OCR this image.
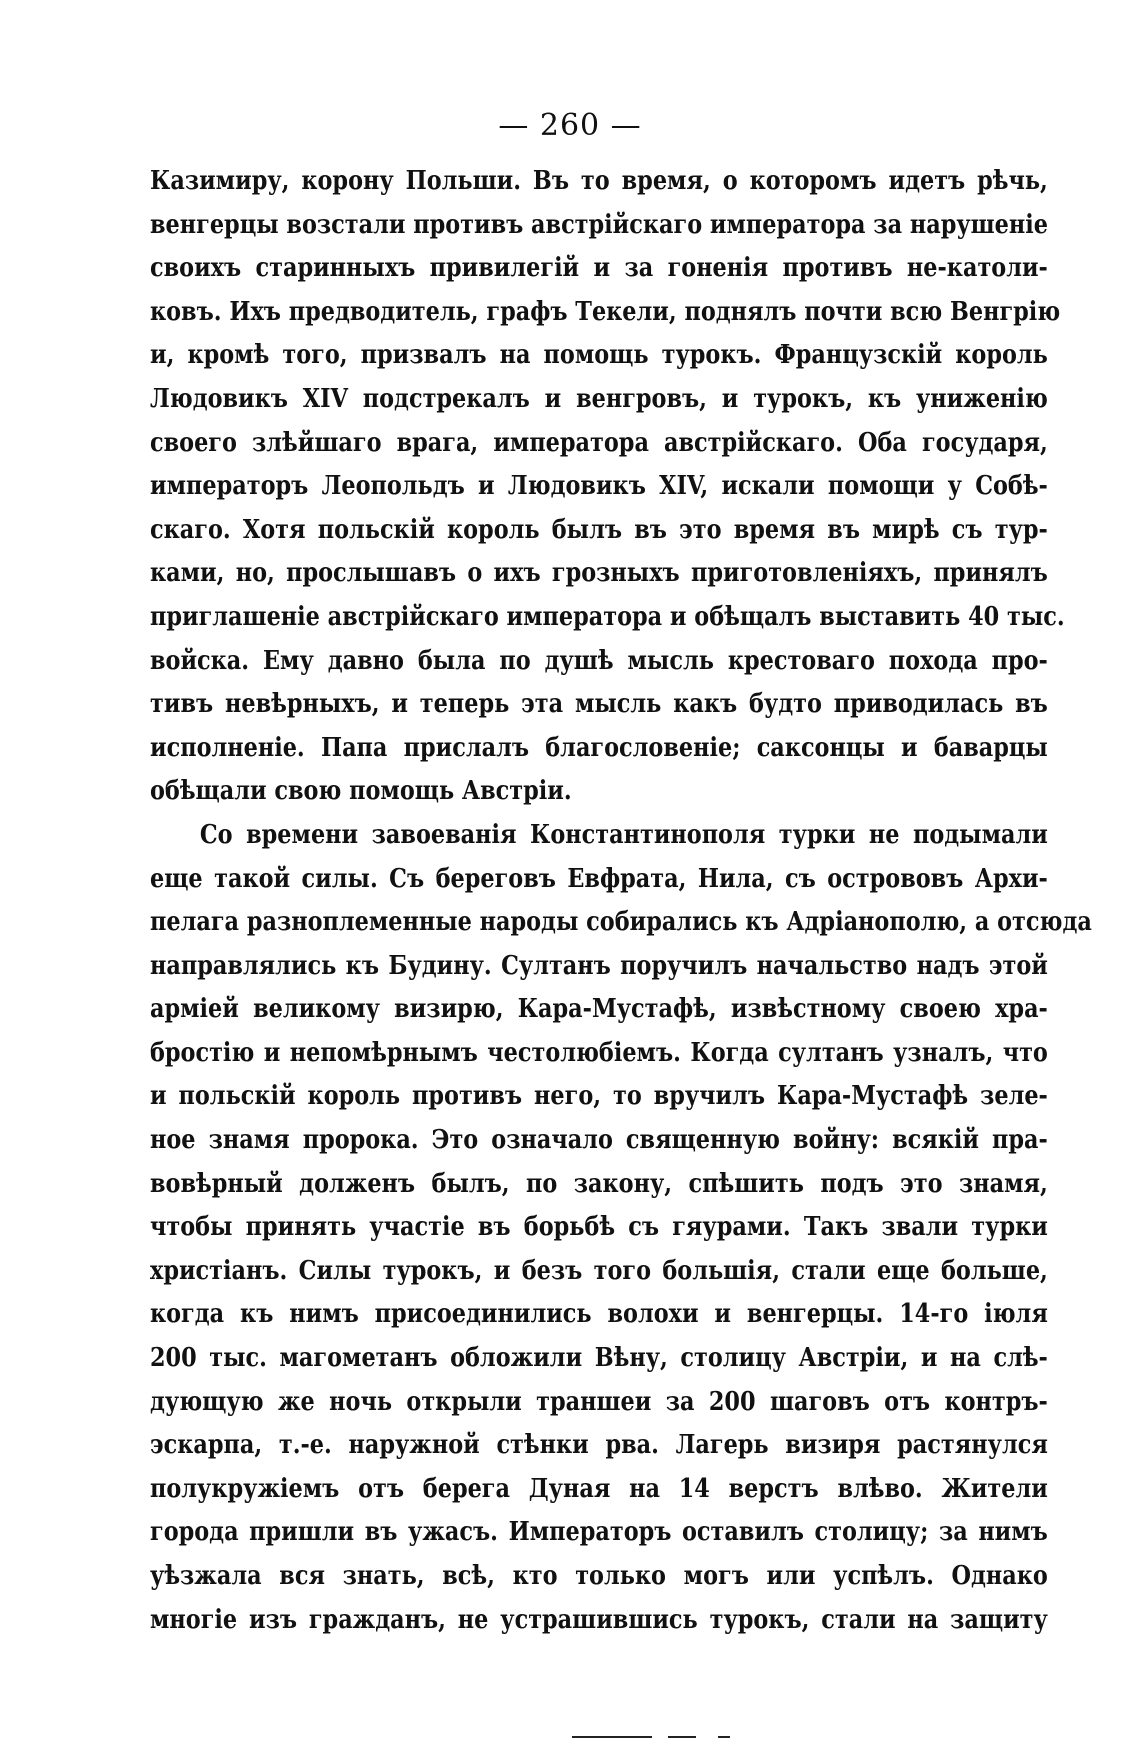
— 260 —
Казимиру, корону Польши. Въ то время, о которомъ идетъ рѣчь,
венгерцы возстали противъ австрійскаго императора за нарушеніе
своихъ старинныхъ привилегій и за гоненія противъ не-католи-
ковъ. Ихъ предводитель, графъ Текели, поднялъ почти всю Венгрію
и, кромѣ того, призвалъ на помощь турокъ. Французскій король
Людовикъ XIV подстрекалъ и венгровъ, и турокъ, къ униженію
своего злѣйшаго врага, императора австрійскаго. Оба государя,
императоръ Леопольдъ и Людовикъ XIV, искали помощи у Собѣ-
скаго. Хотя польскій король былъ въ это время въ мирѣ съ тур-
ками, но, прослышавъ о ихъ грозныхъ приготовленіяхъ, принялъ
приглашеніе австрійскаго императора и обѣщалъ выставить 40 тыс.
войска. Ему давно была по душѣ мысль крестоваго похода про-
тивъ невѣрныхъ, и теперь эта мысль какъ будто приводилась въ
исполненіе. Папа прислалъ благословеніе; саксонцы и баварцы
обѣщали свою помощь Австріи.
Со времени завоеванія Константинополя турки не подымали
еще такой силы. Съ береговъ Евфрата, Нила, съ острововъ Архи-
пелага разноплеменные народы собирались къ Адріанополю, а отсюда
направлялись къ Будину. Султанъ поручилъ начальство надъ этой
арміей великому визирю, Кара-Мустафѣ, извѣстному своею хра-
бростію и непомѣрнымъ честолюбіемъ. Когда султанъ узналъ, что
и польскій король противъ него, то вручилъ Кара-Мустафѣ зеле-
ное знамя пророка. Это означало священную войну: всякій пра-
вовѣрный долженъ былъ, по закону, спѣшить подъ это знамя,
чтобы принять участіе въ борьбѣ съ гяурами. Такъ звали турки
христіанъ. Силы турокъ, и безъ того большія, стали еще больше,
когда къ нимъ присоединились волохи и венгерцы. 14-го іюля
200 тыс. магометанъ обложили Вѣну, столицу Австріи, и на слѣ-
дующую же ночь открыли траншеи за 200 шаговъ отъ контръ-
эскарпа, т.-е. наружной стѣнки рва. Лагерь визиря растянулся
полукружіемъ отъ берега Дуная на 14 верстъ влѣво. Жители
города пришли въ ужасъ. Императоръ оставилъ столицу; за нимъ
уѣзжала вся знать, всѣ, кто только могъ или успѣлъ. Однако
многіе изъ гражданъ, не устрашившись турокъ, стали на защиту
